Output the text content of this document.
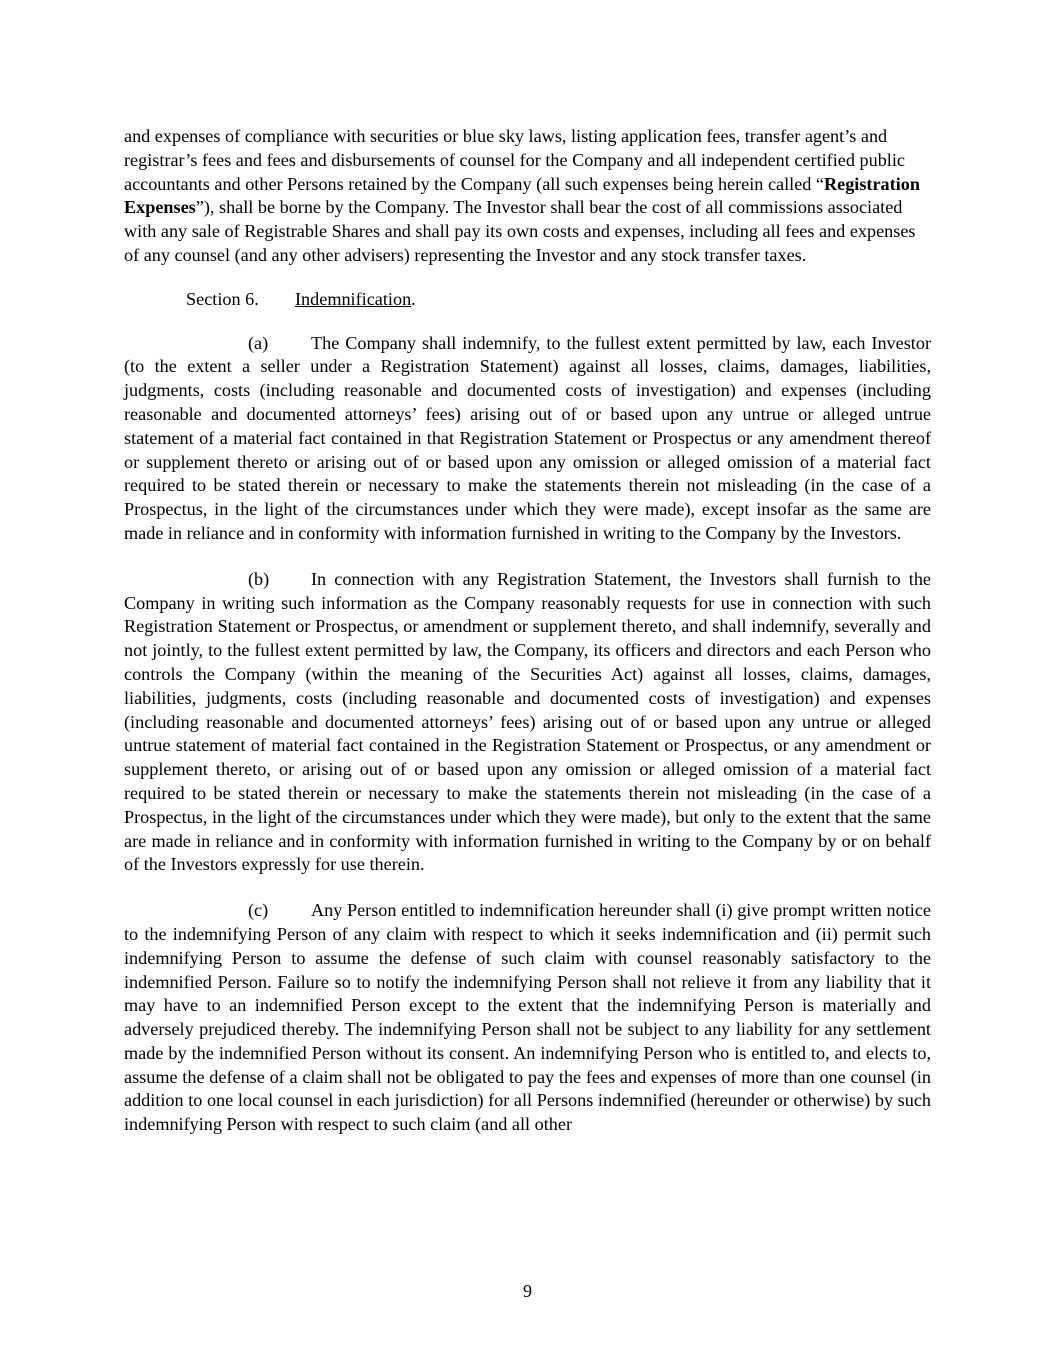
and expenses of compliance with securities or blue sky laws, listing application fees, transfer agent’s and registrar’s fees and fees and disbursements of counsel for the Company and all independent certified public accountants and other Persons retained by the Company (all such expenses being herein called “Registration Expenses”), shall be borne by the Company. The Investor shall bear the cost of all commissions associated with any sale of Registrable Shares and shall pay its own costs and expenses, including all fees and expenses of any counsel (and any other advisers) representing the Investor and any stock transfer taxes.

Section 6. Indemnification.

(a) The Company shall indemnify, to the fullest extent permitted by law, each Investor (to the extent a seller under a Registration Statement) against all losses, claims, damages, liabilities, judgments, costs (including reasonable and documented costs of investigation) and expenses (including reasonable and documented attorneys’ fees) arising out of or based upon any untrue or alleged untrue statement of a material fact contained in that Registration Statement or Prospectus or any amendment thereof or supplement thereto or arising out of or based upon any omission or alleged omission of a material fact required to be stated therein or necessary to make the statements therein not misleading (in the case of a Prospectus, in the light of the circumstances under which they were made), except insofar as the same are made in reliance and in conformity with information furnished in writing to the Company by the Investors.

(b) In connection with any Registration Statement, the Investors shall furnish to the Company in writing such information as the Company reasonably requests for use in connection with such Registration Statement or Prospectus, or amendment or supplement thereto, and shall indemnify, severally and not jointly, to the fullest extent permitted by law, the Company, its officers and directors and each Person who controls the Company (within the meaning of the Securities Act) against all losses, claims, damages, liabilities, judgments, costs (including reasonable and documented costs of investigation) and expenses (including reasonable and documented attorneys’ fees) arising out of or based upon any untrue or alleged untrue statement of material fact contained in the Registration Statement or Prospectus, or any amendment or supplement thereto, or arising out of or based upon any omission or alleged omission of a material fact required to be stated therein or necessary to make the statements therein not misleading (in the case of a Prospectus, in the light of the circumstances under which they were made), but only to the extent that the same are made in reliance and in conformity with information furnished in writing to the Company by or on behalf of the Investors expressly for use therein.

(c) Any Person entitled to indemnification hereunder shall (i) give prompt written notice to the indemnifying Person of any claim with respect to which it seeks indemnification and (ii) permit such indemnifying Person to assume the defense of such claim with counsel reasonably satisfactory to the indemnified Person. Failure so to notify the indemnifying Person shall not relieve it from any liability that it may have to an indemnified Person except to the extent that the indemnifying Person is materially and adversely prejudiced thereby. The indemnifying Person shall not be subject to any liability for any settlement made by the indemnified Person without its consent. An indemnifying Person who is entitled to, and elects to, assume the defense of a claim shall not be obligated to pay the fees and expenses of more than one counsel (in addition to one local counsel in each jurisdiction) for all Persons indemnified (hereunder or otherwise) by such indemnifying Person with respect to such claim (and all other

9
